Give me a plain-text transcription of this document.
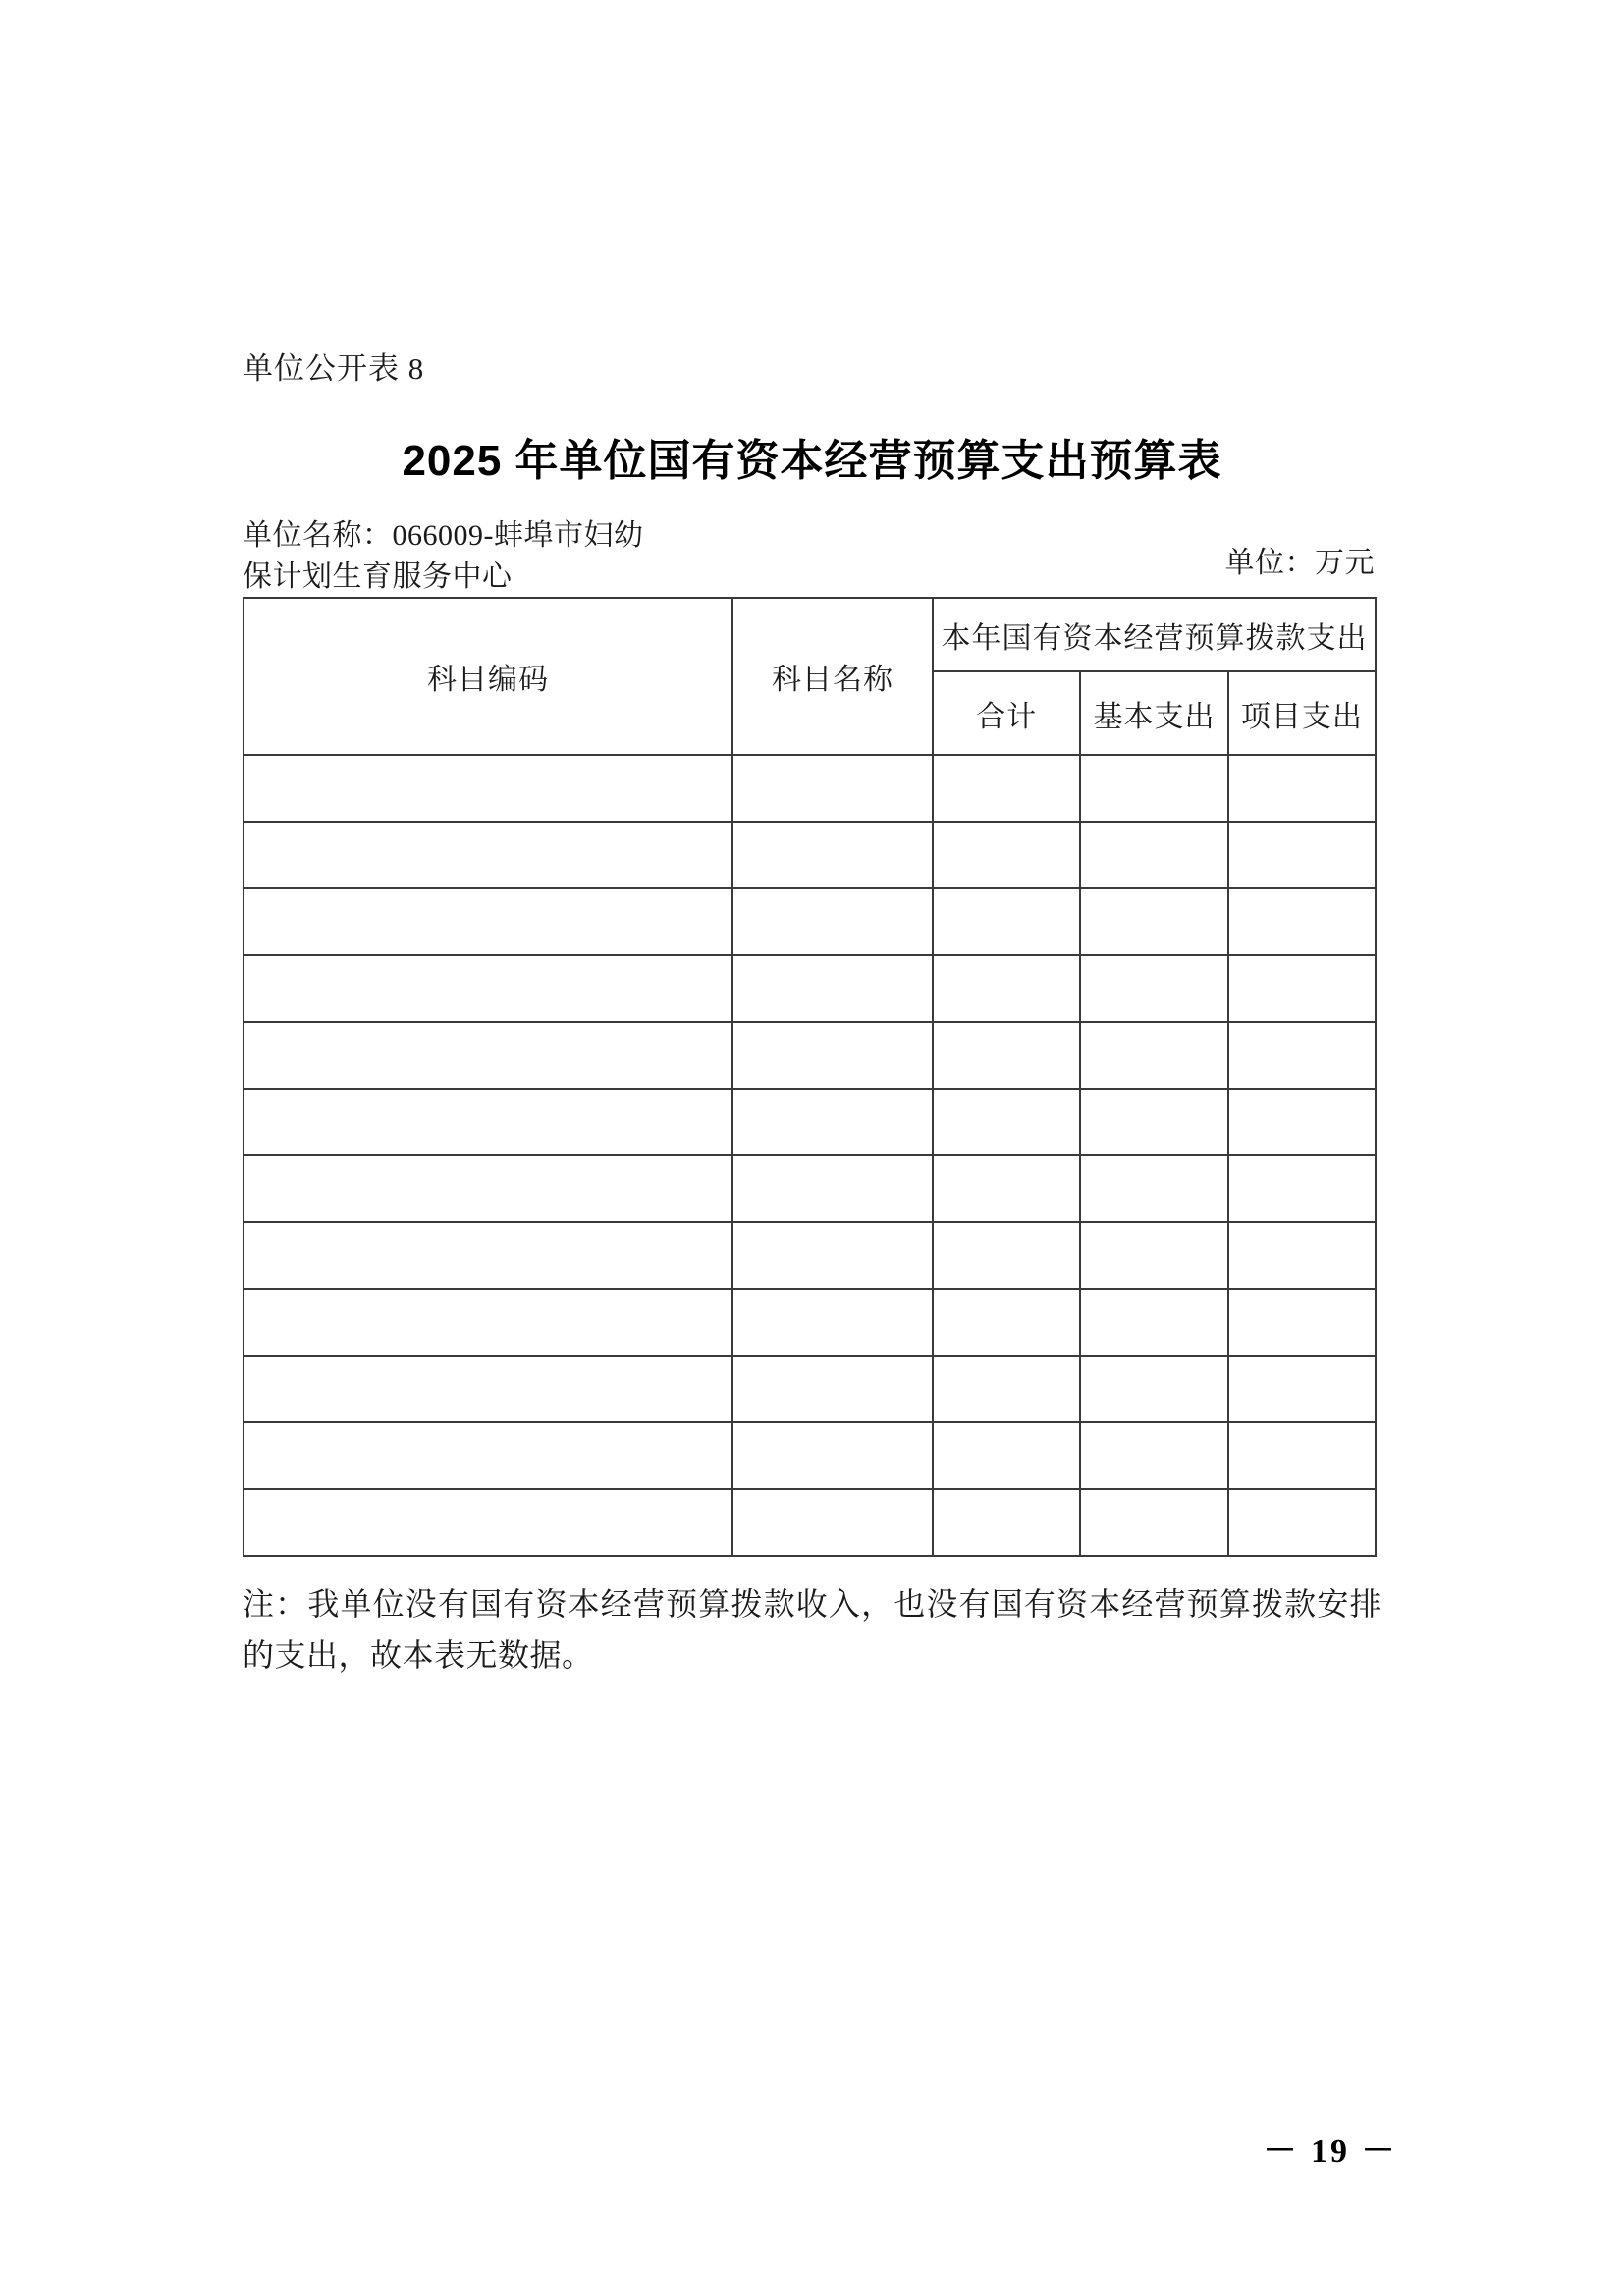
单位公开表 8
2025 年单位国有资本经营预算支出预算表
单位名称：066009-蚌埠市妇幼
保计划生育服务中心	单位：万元
科目编码	科目名称	本年国有资本经营预算拨款支出		
		合计	基本支出	项目支出

注：我单位没有国有资本经营预算拨款收入，也没有国有资本经营预算拨款安排的支出，故本表无数据。
－ 19 －
